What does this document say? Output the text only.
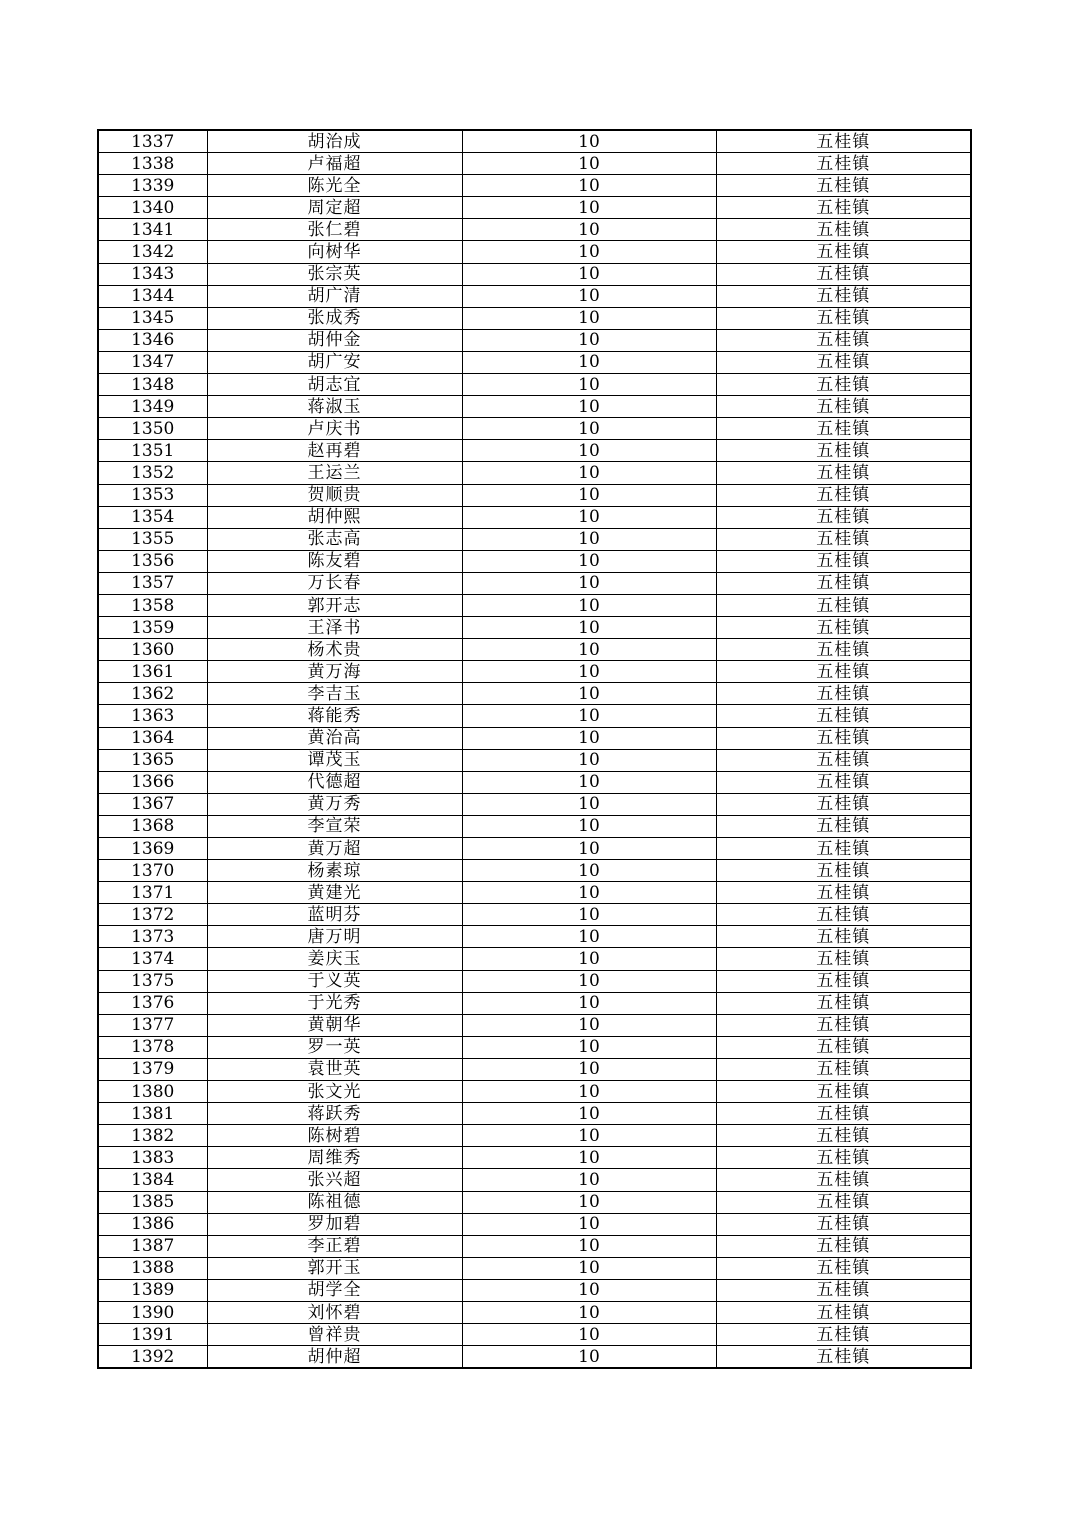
1337	胡治成	10	五桂镇
1338	卢福超	10	五桂镇
1339	陈光全	10	五桂镇
1340	周定超	10	五桂镇
1341	张仁碧	10	五桂镇
1342	向树华	10	五桂镇
1343	张宗英	10	五桂镇
1344	胡广清	10	五桂镇
1345	张成秀	10	五桂镇
1346	胡仲金	10	五桂镇
1347	胡广安	10	五桂镇
1348	胡志宜	10	五桂镇
1349	蒋淑玉	10	五桂镇
1350	卢庆书	10	五桂镇
1351	赵再碧	10	五桂镇
1352	王运兰	10	五桂镇
1353	贺顺贵	10	五桂镇
1354	胡仲熙	10	五桂镇
1355	张志高	10	五桂镇
1356	陈友碧	10	五桂镇
1357	万长春	10	五桂镇
1358	郭开志	10	五桂镇
1359	王泽书	10	五桂镇
1360	杨术贵	10	五桂镇
1361	黄万海	10	五桂镇
1362	李吉玉	10	五桂镇
1363	蒋能秀	10	五桂镇
1364	黄治高	10	五桂镇
1365	谭茂玉	10	五桂镇
1366	代德超	10	五桂镇
1367	黄万秀	10	五桂镇
1368	李宣荣	10	五桂镇
1369	黄万超	10	五桂镇
1370	杨素琼	10	五桂镇
1371	黄建光	10	五桂镇
1372	蓝明芬	10	五桂镇
1373	唐万明	10	五桂镇
1374	姜庆玉	10	五桂镇
1375	于义英	10	五桂镇
1376	于光秀	10	五桂镇
1377	黄朝华	10	五桂镇
1378	罗一英	10	五桂镇
1379	袁世英	10	五桂镇
1380	张文光	10	五桂镇
1381	蒋跃秀	10	五桂镇
1382	陈树碧	10	五桂镇
1383	周维秀	10	五桂镇
1384	张兴超	10	五桂镇
1385	陈祖德	10	五桂镇
1386	罗加碧	10	五桂镇
1387	李正碧	10	五桂镇
1388	郭开玉	10	五桂镇
1389	胡学全	10	五桂镇
1390	刘怀碧	10	五桂镇
1391	曾祥贵	10	五桂镇
1392	胡仲超	10	五桂镇
